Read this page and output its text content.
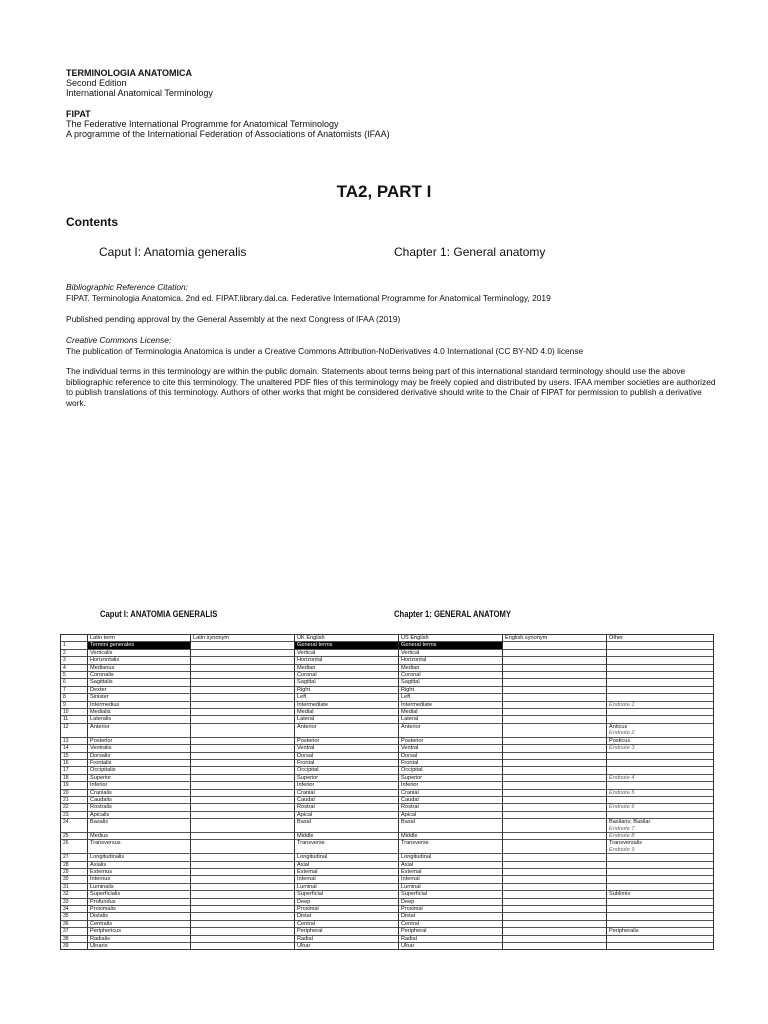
TERMINOLOGIA ANATOMICA
Second Edition
International Anatomical Terminology
FIPAT
The Federative International Programme for Anatomical Terminology
A programme of the International Federation of Associations of Anatomists (IFAA)
TA2, PART I
Contents
Caput I: Anatomia generalis	Chapter 1: General anatomy
Bibliographic Reference Citation:
FIPAT. Terminologia Anatomica. 2nd ed. FIPAT.library.dal.ca. Federative International Programme for Anatomical Terminology, 2019
Published pending approval by the General Assembly at the next Congress of IFAA (2019)
Creative Commons License:
The publication of Terminologia Anatomica is under a Creative Commons Attribution-NoDerivatives 4.0 International (CC BY-ND 4.0) license
The individual terms in this terminology are within the public domain. Statements about terms being part of this international standard terminology should use the above bibliographic reference to cite this terminology. The unaltered PDF files of this terminology may be freely copied and distributed by users. IFAA member societies are authorized to publish translations of this terminology. Authors of other works that might be considered derivative should write to the Chair of FIPAT for permission to publish a derivative work.
Caput I: ANATOMIA GENERALIS	Chapter 1: GENERAL ANATOMY
	Latin term	Latin synonym	UK English	US English	English synonym	Other

1	Termini generales		General terms	General terms		

2	Verticalis		Vertical	Vertical		

3	Horizontalis		Horizontal	Horizontal		

4	Medianus		Median	Median		

5	Coronalis		Coronal	Coronal		

6	Sagittalis		Sagittal	Sagittal		

7	Dexter		Right	Right		

8	Sinister		Left	Left		

9	Intermedius		Intermediate	Intermediate		Endnote 1

10	Medialis		Medial	Medial		

11	Lateralis		Lateral	Lateral		

12	Anterior		Anterior	Anterior		Anticus
Endnote 2

13	Posterior		Posterior	Posterior		Posticus

14	Ventralis		Ventral	Ventral		Endnote 3

15	Dorsalis		Dorsal	Dorsal		

16	Frontalis		Frontal	Frontal		

17	Occipitalis		Occipital	Occipital		

18	Superior		Superior	Superior		Endnote 4

19	Inferior		Inferior	Inferior		

20	Cranialis		Cranial	Cranial		Endnote 5

21	Caudalis		Caudal	Caudal		

22	Rostralis		Rostral	Rostral		Endnote 6

23	Apicalis		Apical	Apical		

24	Basalis		Basal	Basal		Basilaris; Basilar
Endnote 7

25	Medius		Middle	Middle		Endnote 8

26	Transversus		Transverse	Transverse		Transversalis
Endnote 9

27	Longitudinalis		Longitudinal	Longitudinal		

28	Axialis		Axial	Axial		

29	Externus		External	External		

30	Internus		Internal	Internal		

31	Luminalis		Luminal	Luminal		

32	Superficialis		Superficial	Superficial		Sublimis

33	Profundus		Deep	Deep		

34	Proximalis		Proximal	Proximal		

35	Distalis		Distal	Distal		

36	Centralis		Central	Central		

37	Periphericus		Peripheral	Peripheral		Peripheralis

38	Radialis		Radial	Radial		

39	Ulnaris		Ulnar	Ulnar		
